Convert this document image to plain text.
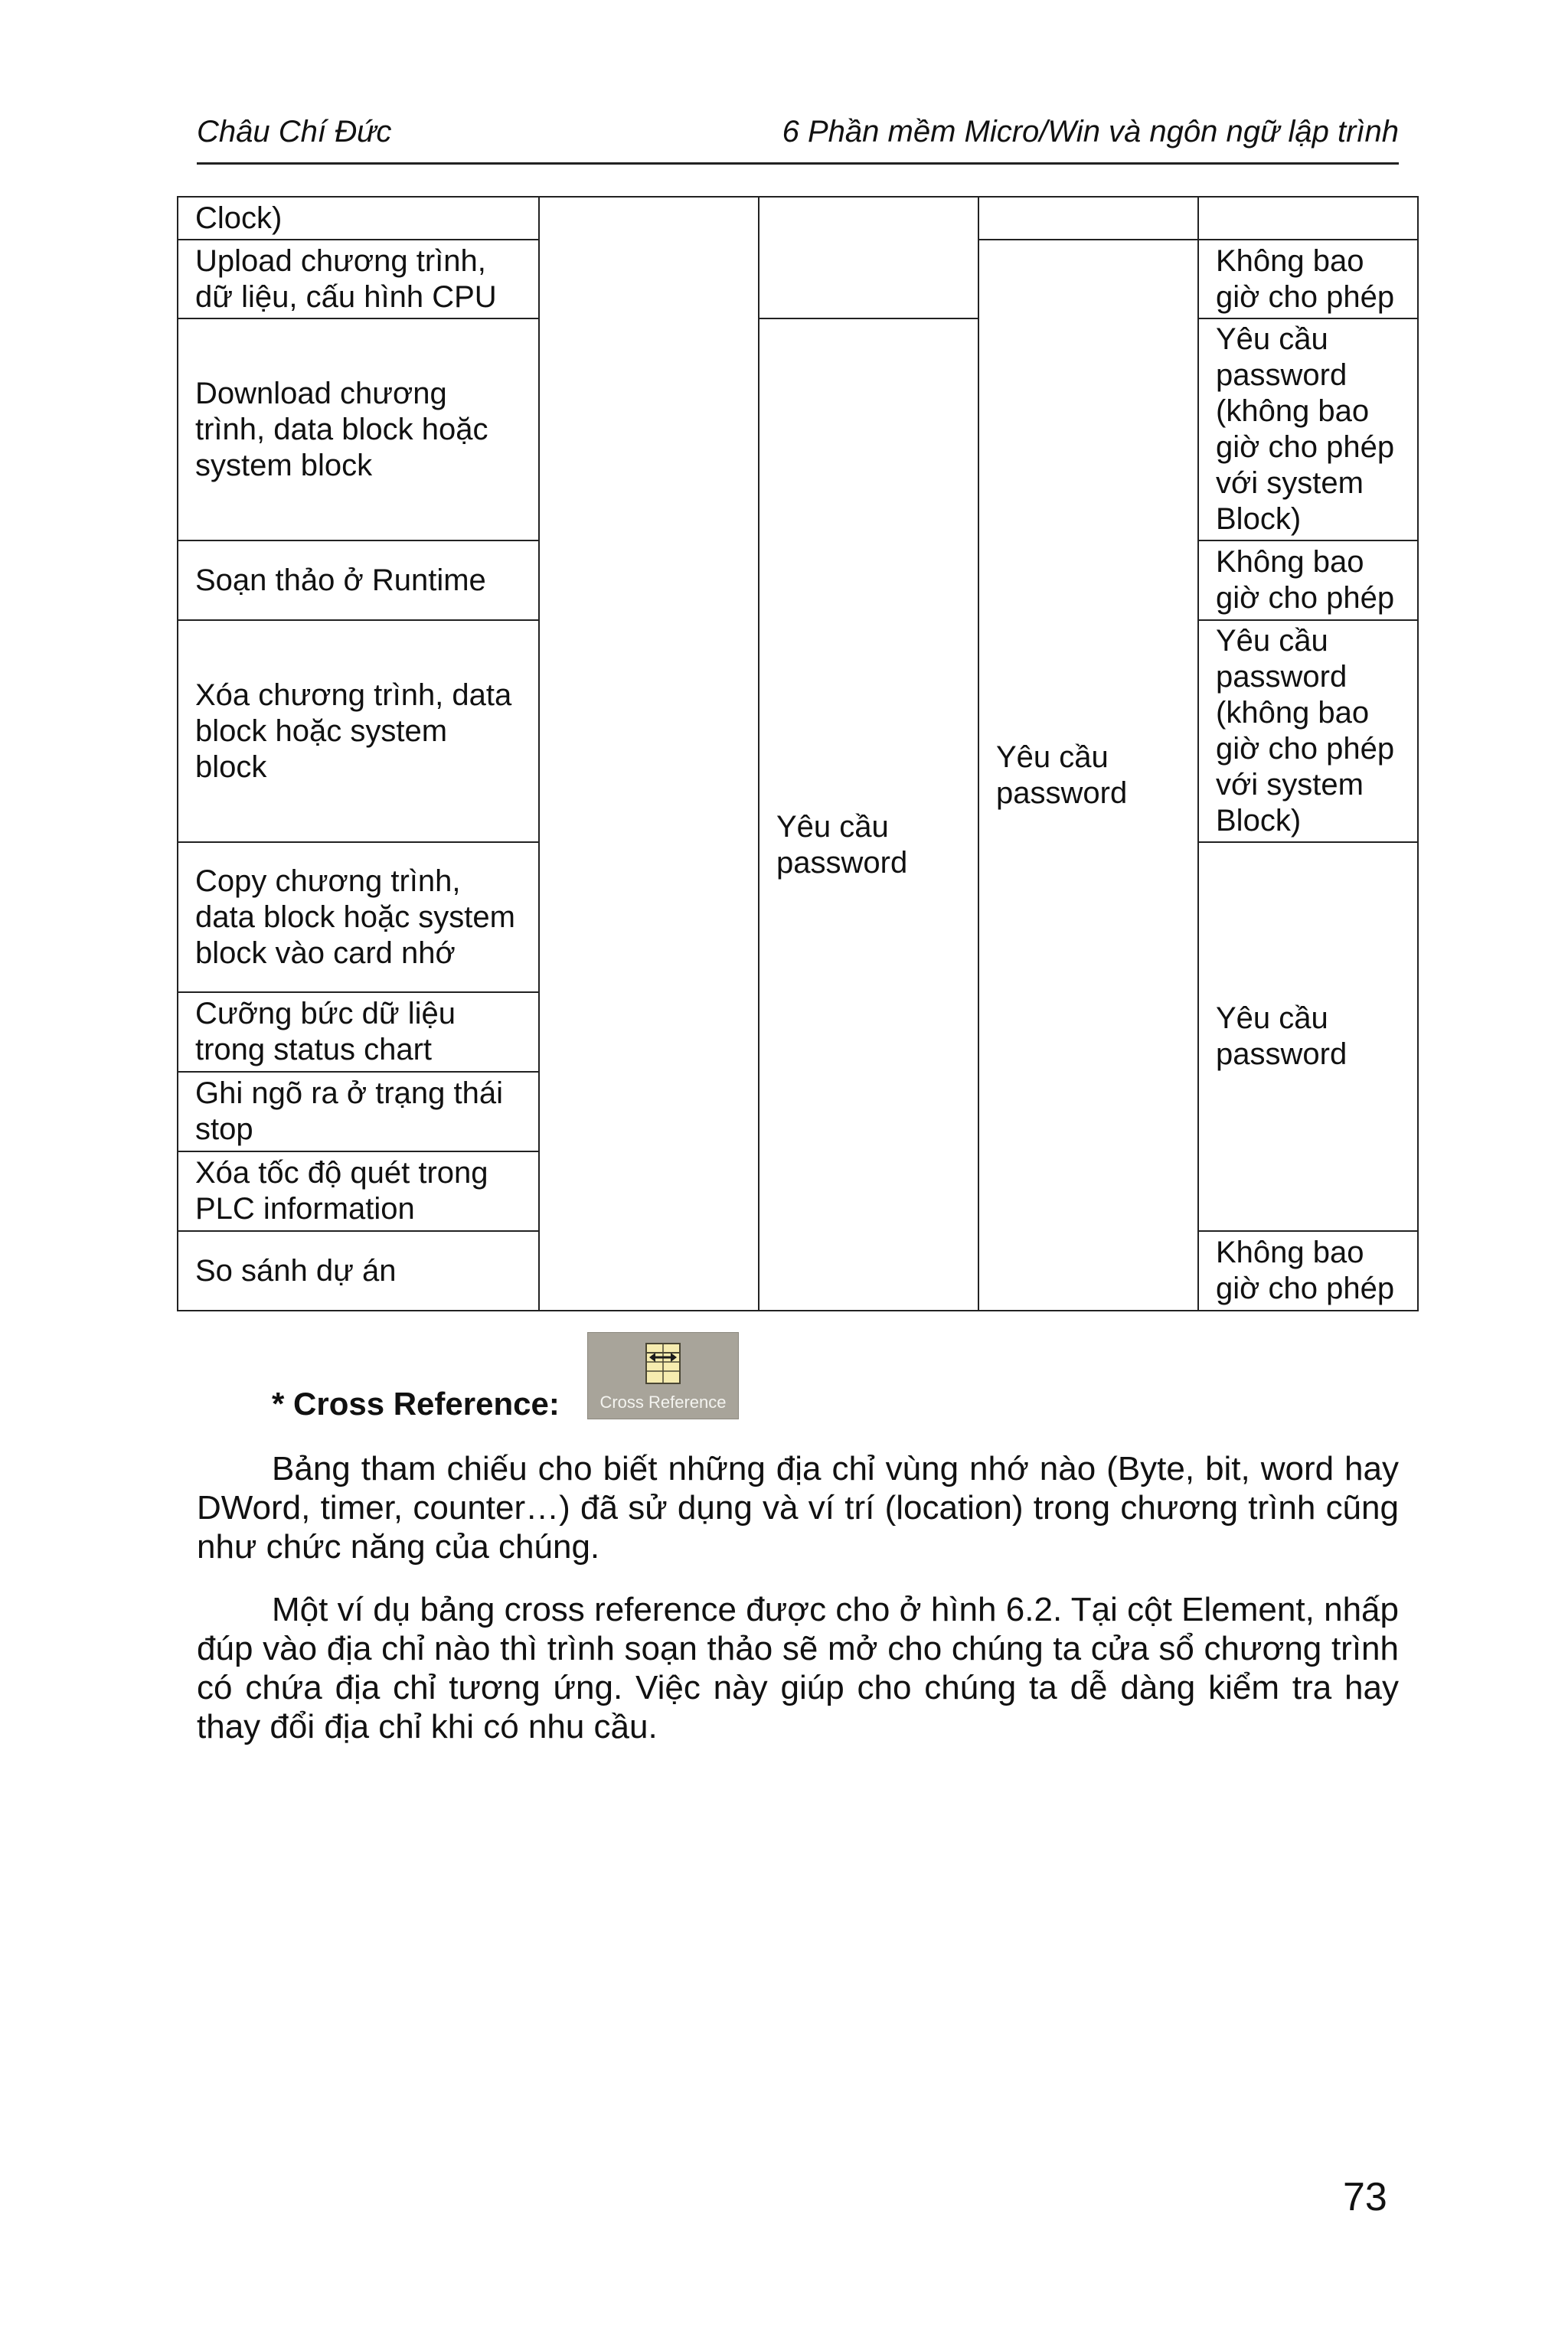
Châu Chí Đức	6 Phần mềm Micro/Win và ngôn ngữ lập trình
Clock)				
Upload chương trình, dữ liệu, cấu hình CPU			Yêu cầu password	Không bao giờ cho phép
Download chương trình, data block hoặc system block		Yêu cầu password		Yêu cầu password (không bao giờ cho phép với system Block)
Soạn thảo ở Runtime				Không bao giờ cho phép
Xóa chương trình, data block hoặc system block				Yêu cầu password (không bao giờ cho phép với system Block)
Copy chương trình, data block hoặc system block vào card nhớ				Yêu cầu password
Cưỡng bức dữ liệu trong status chart				
Ghi ngõ ra ở trạng thái stop				
Xóa tốc độ quét trong PLC information				
So sánh dự án				Không bao giờ cho phép
* Cross Reference:	Cross Reference

Bảng tham chiếu cho biết những địa chỉ vùng nhớ nào (Byte, bit, word hay DWord, timer, counter…) đã sử dụng và ví trí (location) trong chương trình cũng như chức năng của chúng.

Một ví dụ bảng cross reference được cho ở hình 6.2. Tại cột Element, nhấp đúp vào địa chỉ nào thì trình soạn thảo sẽ mở cho chúng ta cửa sổ chương trình có chứa địa chỉ tương ứng. Việc này giúp cho chúng ta dễ dàng kiểm tra hay thay đổi địa chỉ khi có nhu cầu.

73
